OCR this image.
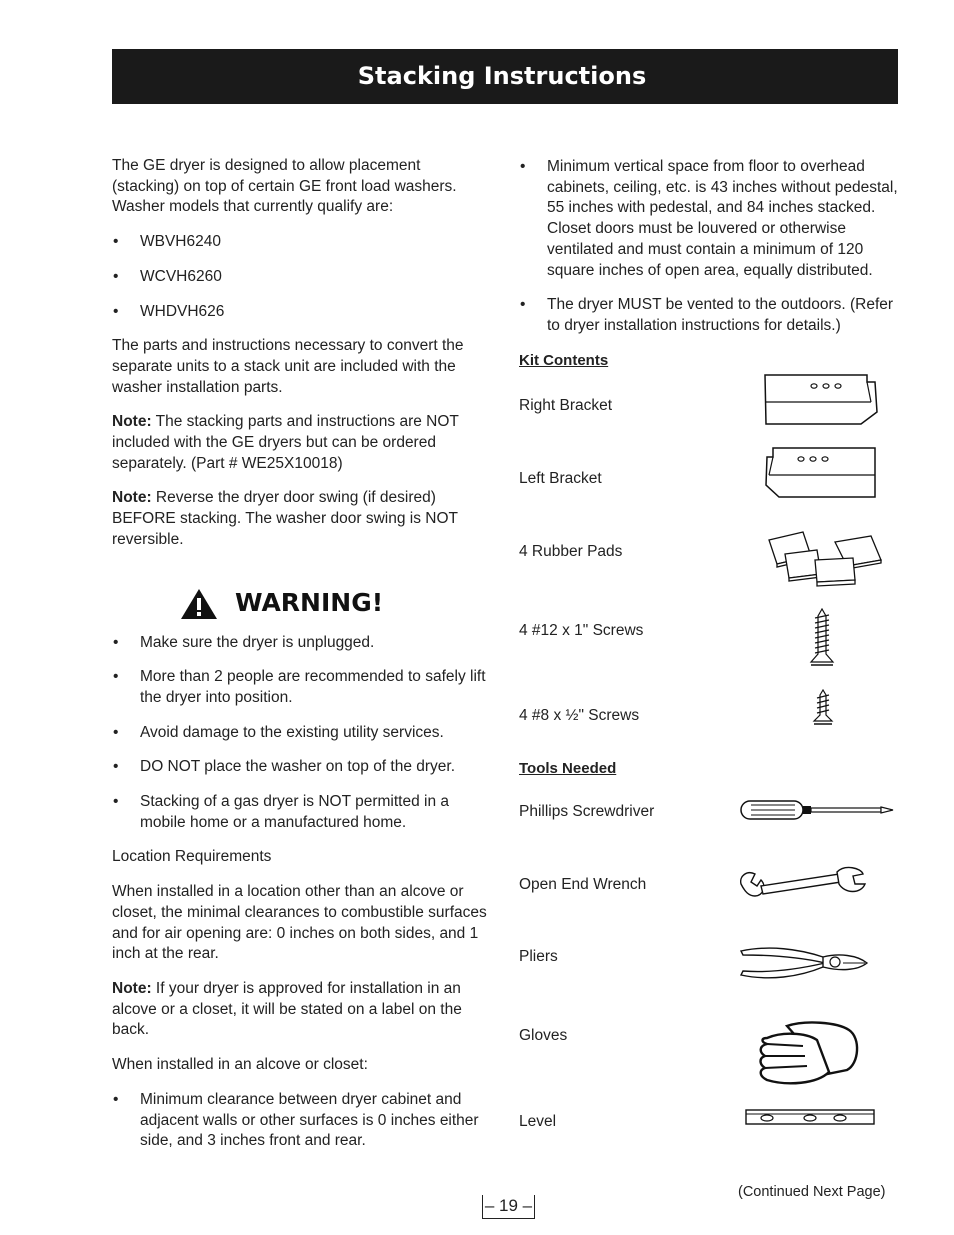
Stacking Instructions

The GE dryer is designed to allow placement (stacking) on top of certain GE front load washers. Washer models that currently qualify are:

• WBVH6240
• WCVH6260
• WHDVH626

The parts and instructions necessary to convert the separate units to a stack unit are included with the washer installation parts.

Note: The stacking parts and instructions are NOT included with the GE dryers but can be ordered separately. (Part # WE25X10018)

Note: Reverse the dryer door swing (if desired) BEFORE stacking. The washer door swing is NOT reversible.

WARNING!
• Make sure the dryer is unplugged.
• More than 2 people are recommended to safely lift the dryer into position.
• Avoid damage to the existing utility services.
• DO NOT place the washer on top of the dryer.
• Stacking of a gas dryer is NOT permitted in a mobile home or a manufactured home.

Location Requirements

When installed in a location other than an alcove or closet, the minimal clearances to combustible surfaces and for air opening are: 0 inches on both sides, and 1 inch at the rear.

Note: If your dryer is approved for installation in an alcove or a closet, it will be stated on a label on the back.

When installed in an alcove or closet:

• Minimum clearance between dryer cabinet and adjacent walls or other surfaces is 0 inches either side, and 3 inches front and rear.
• Minimum vertical space from floor to overhead cabinets, ceiling, etc. is 43 inches without pedestal, 55 inches with pedestal, and 84 inches stacked. Closet doors must be louvered or otherwise ventilated and must contain a minimum of 120 square inches of open area, equally distributed.
• The dryer MUST be vented to the outdoors. (Refer to dryer installation instructions for details.)
Kit Contents
Right Bracket
Left Bracket
4 Rubber Pads
4 #12 x 1" Screws
4 #8 x ½" Screws
Tools Needed
Phillips Screwdriver
Open End Wrench
Pliers
Gloves
Level
(Continued Next Page)
– 19 –
